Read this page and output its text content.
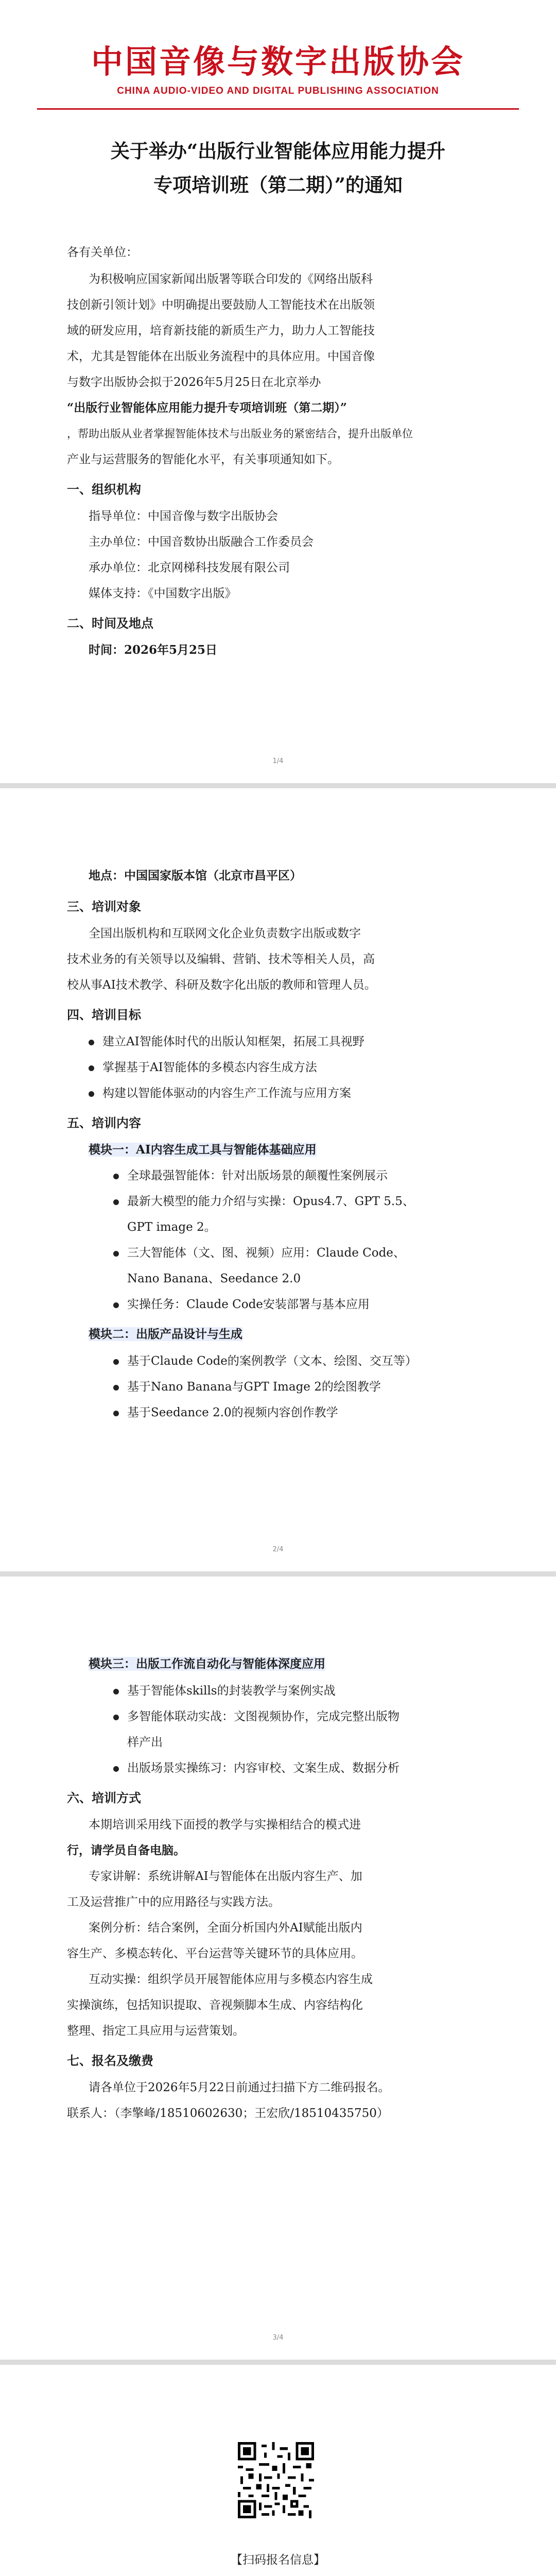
中国音像与数字出版协会
CHINA AUDIO-VIDEO AND DIGITAL PUBLISHING ASSOCIATION
关于举办“出版行业智能体应用能力提升
专项培训班（第二期）”的通知
各有关单位：
为积极响应国家新闻出版署等联合印发的《网络出版科
技创新引领计划》中明确提出要鼓励人工智能技术在出版领
域的研发应用，培育新技能的新质生产力，助力人工智能技
术，尤其是智能体在出版业务流程中的具体应用。中国音像
与数字出版协会拟于2026年5月25日在北京举办
“出版行业智能体应用能力提升专项培训班（第二期）”
，帮助出版从业者掌握智能体技术与出版业务的紧密结合，提升出版单位
产业与运营服务的智能化水平，有关事项通知如下。
一、组织机构
指导单位：中国音像与数字出版协会
主办单位：中国音数协出版融合工作委员会
承办单位：北京网梯科技发展有限公司
媒体支持：《中国数字出版》
二、时间及地点
时间：2026年5月25日
1/4
地点：中国国家版本馆（北京市昌平区）
三、培训对象
全国出版机构和互联网文化企业负责数字出版或数字
技术业务的有关领导以及编辑、营销、技术等相关人员，高
校从事AI技术教学、科研及数字化出版的教师和管理人员。
四、培训目标
建立AI智能体时代的出版认知框架，拓展工具视野
掌握基于AI智能体的多模态内容生成方法
构建以智能体驱动的内容生产工作流与应用方案
五、培训内容
模块一：AI内容生成工具与智能体基础应用
全球最强智能体：针对出版场景的颠覆性案例展示
最新大模型的能力介绍与实操：Opus4.7、GPT 5.5、
GPT image 2。
三大智能体（文、图、视频）应用：Claude Code、
Nano Banana、Seedance 2.0
实操任务：Claude Code安装部署与基本应用
模块二：出版产品设计与生成
基于Claude Code的案例教学（文本、绘图、交互等）
基于Nano Banana与GPT Image 2的绘图教学
基于Seedance 2.0的视频内容创作教学
2/4
模块三：出版工作流自动化与智能体深度应用
基于智能体skills的封装教学与案例实战
多智能体联动实战：文图视频协作，完成完整出版物
样产出
出版场景实操练习：内容审校、文案生成、数据分析
六、培训方式
本期培训采用线下面授的教学与实操相结合的模式进
行，请学员自备电脑。
专家讲解：系统讲解AI与智能体在出版内容生产、加
工及运营推广中的应用路径与实践方法。
案例分析：结合案例，全面分析国内外AI赋能出版内
容生产、多模态转化、平台运营等关键环节的具体应用。
互动实操：组织学员开展智能体应用与多模态内容生成
实操演练，包括知识提取、音视频脚本生成、内容结构化
整理、指定工具应用与运营策划。
七、报名及缴费
请各单位于2026年5月22日前通过扫描下方二维码报名。
联系人：（李擎峰/18510602630；王宏欣/18510435750）
3/4
【扫码报名信息】
